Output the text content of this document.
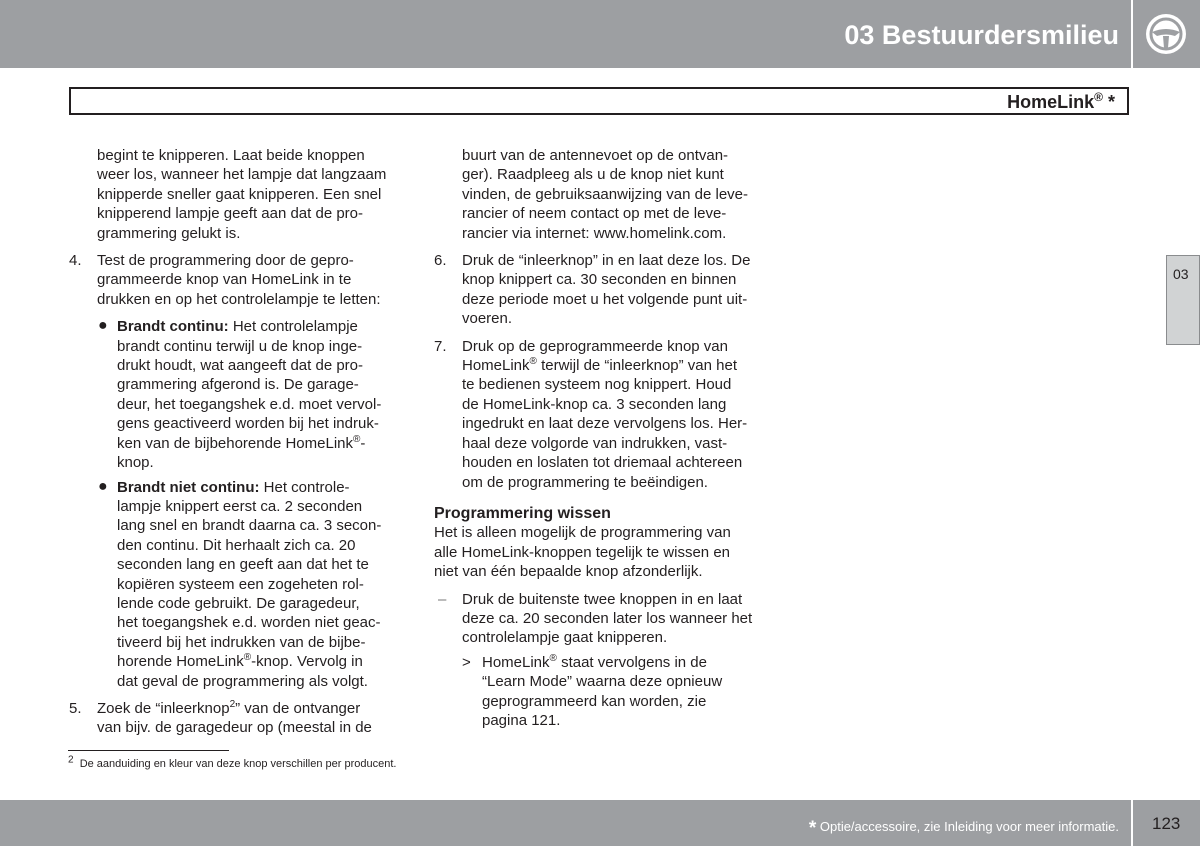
03 Bestuurdersmilieu
HomeLink® *
03

begint te knipperen. Laat beide knoppen
weer los, wanneer het lampje dat langzaam
knipperde sneller gaat knipperen. Een snel
knipperend lampje geeft aan dat de pro-
grammering gelukt is.

4. Test de programmering door de gepro-
grammeerde knop van HomeLink in te
drukken en op het controlelampje te letten:

● Brandt continu: Het controlelampje
brandt continu terwijl u de knop inge-
drukt houdt, wat aangeeft dat de pro-
grammering afgerond is. De garage-
deur, het toegangshek e.d. moet vervol-
gens geactiveerd worden bij het indruk-
ken van de bijbehorende HomeLink®-
knop.

● Brandt niet continu: Het controle-
lampje knippert eerst ca. 2 seconden
lang snel en brandt daarna ca. 3 secon-
den continu. Dit herhaalt zich ca. 20
seconden lang en geeft aan dat het te
kopiëren systeem een zogeheten rol-
lende code gebruikt. De garagedeur,
het toegangshek e.d. worden niet geac-
tiveerd bij het indrukken van de bijbe-
horende HomeLink®-knop. Vervolg in
dat geval de programmering als volgt.

5. Zoek de “inleerknop$^2$” van de ontvanger
van bijv. de garagedeur op (meestal in de

buurt van de antennevoet op de ontvan-
ger). Raadpleeg als u de knop niet kunt
vinden, de gebruiksaanwijzing van de leve-
rancier of neem contact op met de leve-
rancier via internet: www.homelink.com.

6. Druk de “inleerknop” in en laat deze los. De
knop knippert ca. 30 seconden en binnen
deze periode moet u het volgende punt uit-
voeren.

7. Druk op de geprogrammeerde knop van
HomeLink® terwijl de “inleerknop” van het
te bedienen systeem nog knippert. Houd
de HomeLink-knop ca. 3 seconden lang
ingedrukt en laat deze vervolgens los. Her-
haal deze volgorde van indrukken, vast-
houden en loslaten tot driemaal achtereen
om de programmering te beëindigen.

Programmering wissen

Het is alleen mogelijk de programmering van
alle HomeLink-knoppen tegelijk te wissen en
niet van één bepaalde knop afzonderlijk.

– Druk de buitenste twee knoppen in en laat
deze ca. 20 seconden later los wanneer het
controlelampje gaat knipperen.

> HomeLink® staat vervolgens in de
“Learn Mode” waarna deze opnieuw
geprogrammeerd kan worden, zie
pagina 121.

$^2$ De aanduiding en kleur van deze knop verschillen per producent.
* Optie/accessoire, zie Inleiding voor meer informatie. 123
